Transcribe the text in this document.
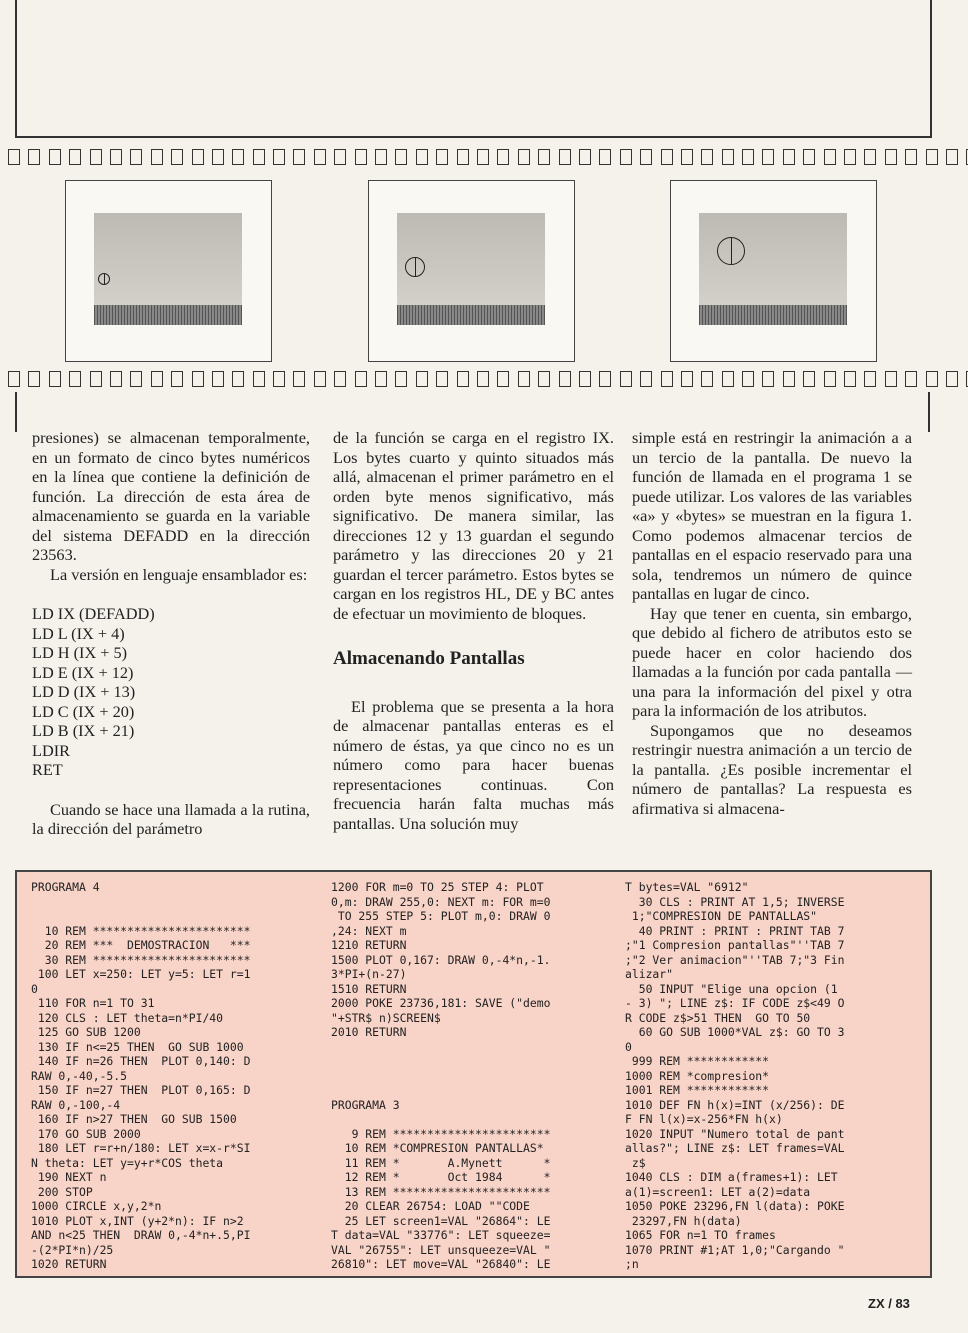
presiones) se almacenan temporalmente, en un formato de cinco bytes numéricos en la línea que contiene la definición de función. La dirección de esta área de almacenamiento se guarda en la variable del sistema DEFADD en la dirección 23563.

La versión en lenguaje ensamblador es:

LD IX (DEFADD)

LD L (IX + 4)

LD H (IX + 5)

LD E (IX + 12)

LD D (IX + 13)

LD C (IX + 20)

LD B (IX + 21)

LDIR

RET

Cuando se hace una llamada a la rutina, la dirección del parámetro

de la función se carga en el registro IX. Los bytes cuarto y quinto situados más allá, almacenan el primer parámetro en el orden byte menos significativo, más significativo. De manera similar, las direcciones 12 y 13 guardan el segundo parámetro y las direcciones 20 y 21 guardan el tercer parámetro. Estos bytes se cargan en los registros HL, DE y BC antes de efectuar un movimiento de bloques.

Almacenando Pantallas

El problema que se presenta a la hora de almacenar pantallas enteras es el número de éstas, ya que cinco no es un número como para hacer buenas representaciones continuas. Con frecuencia harán falta muchas más pantallas. Una solución muy

simple está en restringir la animación a a un tercio de la pantalla. De nuevo la función de llamada en el programa 1 se puede utilizar. Los valores de las variables «a» y «bytes» se muestran en la figura 1. Como podemos almacenar tercios de pantallas en el espacio reservado para una sola, tendremos un número de quince pantallas en lugar de cinco.

Hay que tener en cuenta, sin embargo, que debido al fichero de atributos esto se puede hacer en color haciendo dos llamadas a la función por cada pantalla —una para la información del pixel y otra para la información de los atributos.

Supongamos que no deseamos restringir nuestra animación a un tercio de la pantalla. ¿Es posible incrementar el número de pantallas? La respuesta es afirmativa si almacena-

PROGRAMA 4

10 REM ***********************
20 REM ***  DEMOSTRACION   ***
30 REM ***********************
100 LET x=250: LET y=5: LET r=1
0
110 FOR n=1 TO 31
120 CLS : LET theta=n*PI/40
125 GO SUB 1200
130 IF n<=25 THEN  GO SUB 1000
140 IF n=26 THEN  PLOT 0,140: D
RAW 0,-40,-5.5
150 IF n=27 THEN  PLOT 0,165: D
RAW 0,-100,-4
160 IF n>27 THEN  GO SUB 1500
170 GO SUB 2000
180 LET r=r+n/180: LET x=x-r*SI
N theta: LET y=y+r*COS theta
190 NEXT n
200 STOP
1000 CIRCLE x,y,2*n
1010 PLOT x,INT (y+2*n): IF n>2
AND n<25 THEN  DRAW 0,-4*n+.5,PI
-(2*PI*n)/25
1020 RETURN
1200 FOR m=0 TO 25 STEP 4: PLOT
0,m: DRAW 255,0: NEXT m: FOR m=0
TO 255 STEP 5: PLOT m,0: DRAW 0
,24: NEXT m
1210 RETURN
1500 PLOT 0,167: DRAW 0,-4*n,-1.
3*PI+(n-27)
1510 RETURN
2000 POKE 23736,181: SAVE ("demo
"+STR$ n)SCREEN$
2010 RETURN

PROGRAMA 3

9 REM ***********************
10 REM *COMPRESION PANTALLAS*
11 REM *       A.Mynett      *
12 REM *       Oct 1984      *
13 REM ***********************
20 CLEAR 26754: LOAD ""CODE
25 LET screen1=VAL "26864": LE
T data=VAL "33776": LET squeeze=
VAL "26755": LET unsqueeze=VAL "
26810": LET move=VAL "26840": LE
T bytes=VAL "6912"
30 CLS : PRINT AT 1,5; INVERSE
1;"COMPRESION DE PANTALLAS"
40 PRINT : PRINT : PRINT TAB 7
;"1 Compresion pantallas"''TAB 7
;"2 Ver animacion"''TAB 7;"3 Fin
alizar"
50 INPUT "Elige una opcion (1
- 3) "; LINE z$: IF CODE z$<49 O
R CODE z$>51 THEN  GO TO 50
60 GO SUB 1000*VAL z$: GO TO 3
0
999 REM ************
1000 REM *compresion*
1001 REM ************
1010 DEF FN h(x)=INT (x/256): DE
F FN l(x)=x-256*FN h(x)
1020 INPUT "Numero total de pant
allas?"; LINE z$: LET frames=VAL
z$
1040 CLS : DIM a(frames+1): LET
a(1)=screen1: LET a(2)=data
1050 POKE 23296,FN l(data): POKE
23297,FN h(data)
1065 FOR n=1 TO frames
1070 PRINT #1;AT 1,0;"Cargando "
;n
ZX / 83
